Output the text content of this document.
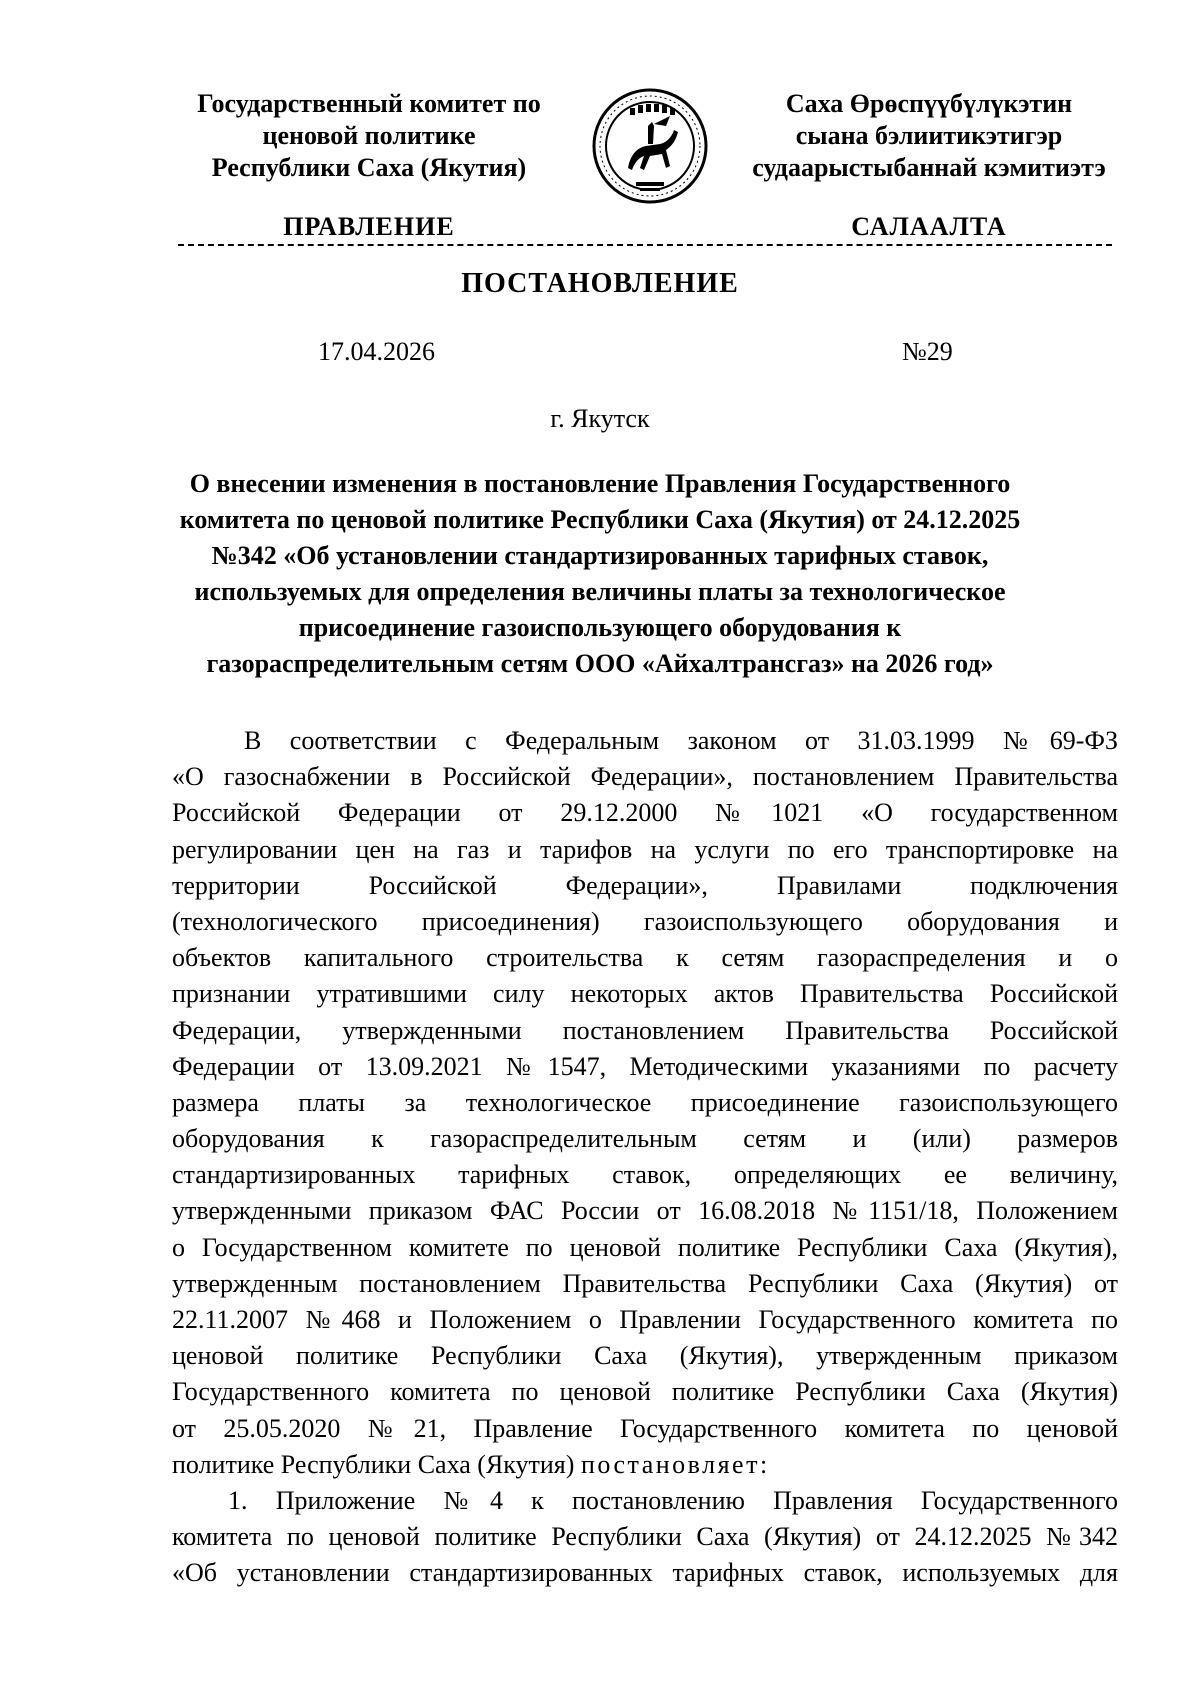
Государственный комитет по
ценовой политике
Республики Саха (Якутия)
Саха Өрөспүүбүлүкэтин
сыана бэлиитикэтигэр
судаарыстыбаннай кэмитиэтэ
ПРАВЛЕНИЕ	САЛААЛТА
ПОСТАНОВЛЕНИЕ
17.04.2026	№29
г. Якутск
О внесении изменения в постановление Правления Государственного
комитета по ценовой политике Республики Саха (Якутия) от 24.12.2025
№342 «Об установлении стандартизированных тарифных ставок,
используемых для определения величины платы за технологическое
присоединение газоиспользующего оборудования к
газораспределительным сетям ООО «Айхалтрансгаз» на 2026 год»
В соответствии с Федеральным законом от 31.03.1999 №69-ФЗ
«О газоснабжении в Российской Федерации», постановлением Правительства
Российской Федерации от 29.12.2000 №1021 «О государственном
регулировании цен на газ и тарифов на услуги по его транспортировке на
территории Российской Федерации», Правилами подключения
(технологического присоединения) газоиспользующего оборудования и
объектов капитального строительства к сетям газораспределения и о
признании утратившими силу некоторых актов Правительства Российской
Федерации, утвержденными постановлением Правительства Российской
Федерации от 13.09.2021 №1547, Методическими указаниями по расчету
размера платы за технологическое присоединение газоиспользующего
оборудования к газораспределительным сетям и (или) размеров
стандартизированных тарифных ставок, определяющих ее величину,
утвержденными приказом ФАС России от 16.08.2018 №1151/18, Положением
о Государственном комитете по ценовой политике Республики Саха (Якутия),
утвержденным постановлением Правительства Республики Саха (Якутия) от
22.11.2007 №468 и Положением о Правлении Государственного комитета по
ценовой политике Республики Саха (Якутия), утвержденным приказом
Государственного комитета по ценовой политике Республики Саха (Якутия)
от 25.05.2020 №21, Правление Государственного комитета по ценовой
политике Республики Саха (Якутия) постановляет:
1. Приложение №4 к постановлению Правления Государственного
комитета по ценовой политике Республики Саха (Якутия) от 24.12.2025 №342
«Об установлении стандартизированных тарифных ставок, используемых для
